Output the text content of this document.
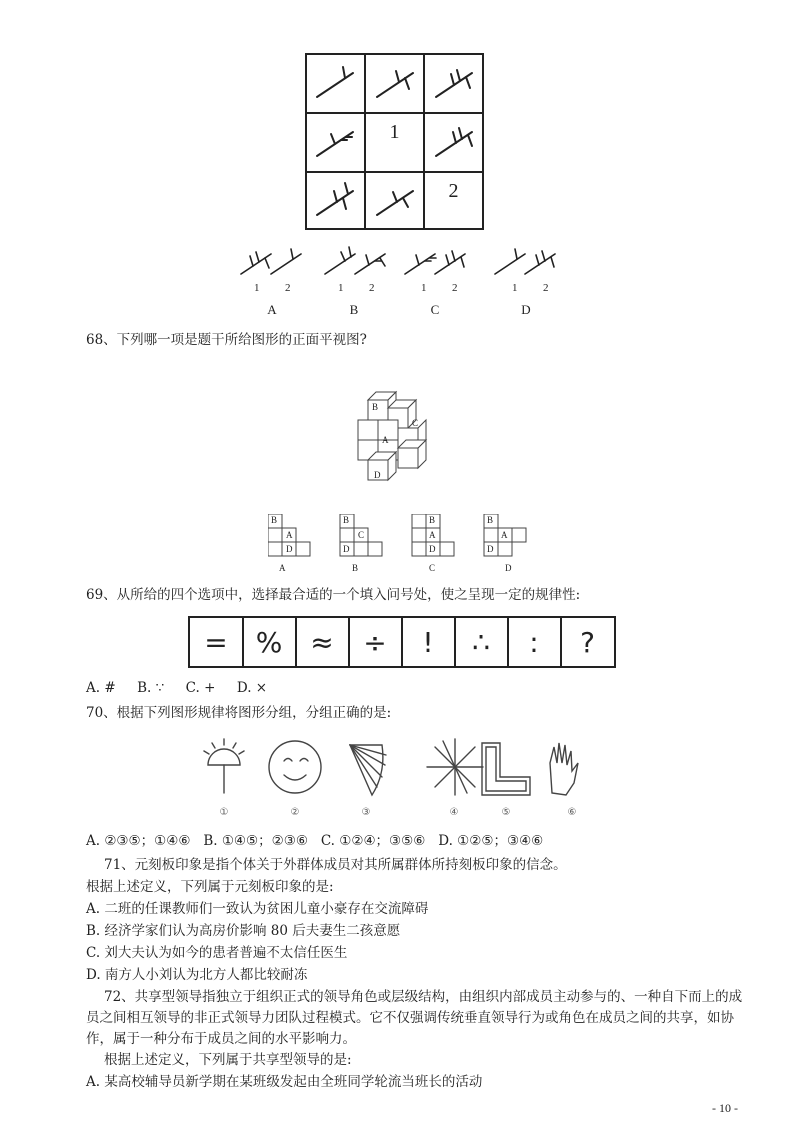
1
2
1 2	1 2	1 2	1 2
A	B	C	D
68、下列哪一项是题干所给图形的正面平视图?
B
C
A
D
B
A
D
B
C
D
B
A
D
B
A
D
A	B	C	D
69、从所给的四个选项中，选择最合适的一个填入问号处，使之呈现一定的规律性:
= % ≈	÷	!	∴	:	?
A. #     B. ∵     C. +     D. ×
70、根据下列图形规律将图形分组，分组正确的是:
①	②	③	④	⑤	⑥
A. ②③⑤；①④⑥   B. ①④⑤；②③⑥   C. ①②④；③⑤⑥   D. ①②⑤；③④⑥
71、元刻板印象是指个体关于外群体成员对其所属群体所持刻板印象的信念。
根据上述定义，下列属于元刻板印象的是:
A. 二班的任课教师们一致认为贫困儿童小豪存在交流障碍
B. 经济学家们认为高房价影响 80 后夫妻生二孩意愿
C. 刘大夫认为如今的患者普遍不太信任医生
D. 南方人小刘认为北方人都比较耐冻
72、共享型领导指独立于组织正式的领导角色或层级结构，由组织内部成员主动参与的、一种自下而上的成员之间相互领导的非正式领导力团队过程模式。它不仅强调传统垂直领导行为或角色在成员之间的共享，如协作，属于一种分布于成员之间的水平影响力。
根据上述定义，下列属于共享型领导的是:
A. 某高校辅导员新学期在某班级发起由全班同学轮流当班长的活动
- 10 -
